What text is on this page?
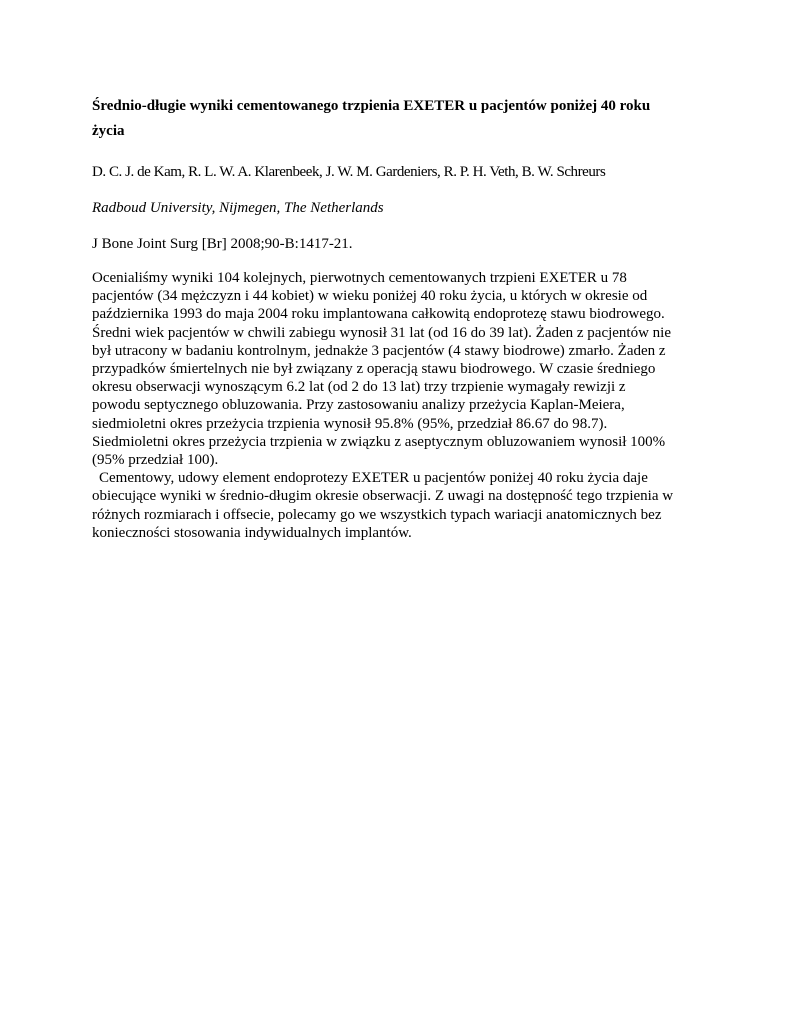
Średnio-długie wyniki cementowanego trzpienia EXETER u pacjentów poniżej 40 roku
życia

D. C. J. de Kam, R. L. W. A. Klarenbeek, J. W. M. Gardeniers, R. P. H. Veth, B. W. Schreurs

Radboud University, Nijmegen, The Netherlands

J Bone Joint Surg [Br] 2008;90-B:1417-21.

Ocenialiśmy wyniki 104 kolejnych, pierwotnych cementowanych trzpieni EXETER u 78
pacjentów (34 mężczyzn i 44 kobiet) w wieku poniżej 40 roku życia, u których w okresie od
października 1993 do maja 2004 roku implantowana całkowitą endoprotezę stawu biodrowego.
Średni wiek pacjentów w chwili zabiegu wynosił 31 lat (od 16 do 39 lat). Żaden z pacjentów nie
był utracony w badaniu kontrolnym, jednakże 3 pacjentów (4 stawy biodrowe) zmarło. Żaden z
przypadków śmiertelnych nie był związany z operacją stawu biodrowego. W czasie średniego
okresu obserwacji wynoszącym 6.2 lat (od 2 do 13 lat) trzy trzpienie wymagały rewizji z
powodu septycznego obluzowania. Przy zastosowaniu analizy przeżycia Kaplan-Meiera,
siedmioletni okres przeżycia trzpienia wynosił 95.8% (95%, przedział 86.67 do 98.7).
Siedmioletni okres przeżycia trzpienia w związku z aseptycznym obluzowaniem wynosił 100%
(95% przedział 100).
Cementowy, udowy element endoprotezy EXETER u pacjentów poniżej 40 roku życia daje
obiecujące wyniki w średnio-długim okresie obserwacji. Z uwagi na dostępność tego trzpienia w
różnych rozmiarach i offsecie, polecamy go we wszystkich typach wariacji anatomicznych bez
konieczności stosowania indywidualnych implantów.
